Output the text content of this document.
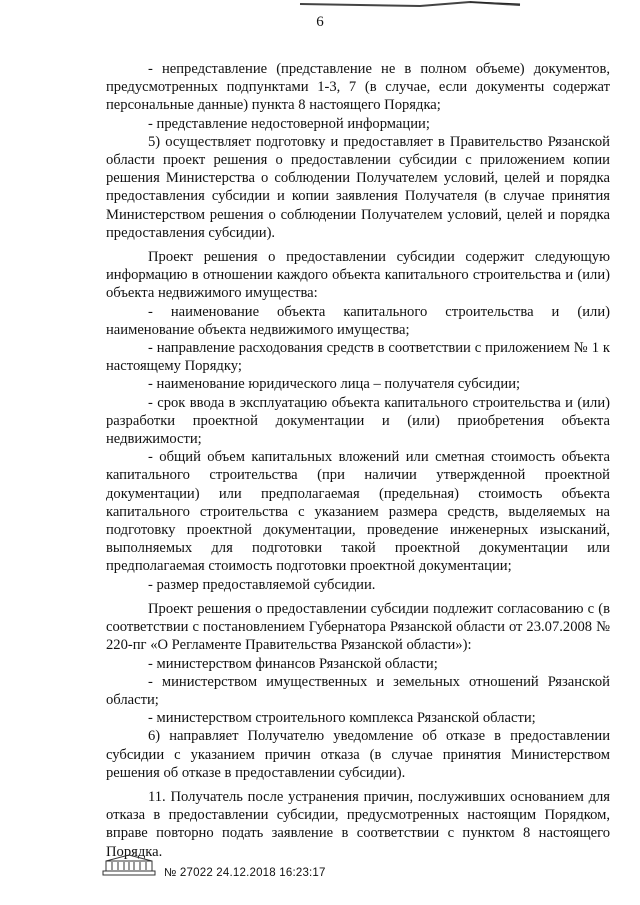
6

- непредставление (представление не в полном объеме) документов, предусмотренных подпунктами 1-3, 7 (в случае, если документы содержат персональные данные) пункта 8 настоящего Порядка;

- представление недостоверной информации;

5) осуществляет подготовку и предоставляет в Правительство Рязанской области проект решения о предоставлении субсидии с приложением копии решения Министерства о соблюдении Получателем условий, целей и порядка предоставления субсидии и копии заявления Получателя (в случае принятия Министерством решения о соблюдении Получателем условий, целей и порядка предоставления субсидии).

Проект решения о предоставлении субсидии содержит следующую информацию в отношении каждого объекта капитального строительства и (или) объекта недвижимого имущества:

- наименование объекта капитального строительства и (или) наименование объекта недвижимого имущества;

- направление расходования средств в соответствии с приложением № 1 к настоящему Порядку;

- наименование юридического лица – получателя субсидии;

- срок ввода в эксплуатацию объекта капитального строительства и (или) разработки проектной документации и (или) приобретения объекта недвижимости;

- общий объем капитальных вложений или сметная стоимость объекта капитального строительства (при наличии утвержденной проектной документации) или предполагаемая (предельная) стоимость объекта капитального строительства с указанием размера средств, выделяемых на подготовку проектной документации, проведение инженерных изысканий, выполняемых для подготовки такой проектной документации или предполагаемая стоимость подготовки проектной документации;

- размер предоставляемой субсидии.

Проект решения о предоставлении субсидии подлежит согласованию с (в соответствии с постановлением Губернатора Рязанской области от 23.07.2008 № 220-пг «О Регламенте Правительства Рязанской области»):

- министерством финансов Рязанской области;

- министерством имущественных и земельных отношений Рязанской области;

- министерством строительного комплекса Рязанской области;

6) направляет Получателю уведомление об отказе в предоставлении субсидии с указанием причин отказа (в случае принятия Министерством решения об отказе в предоставлении субсидии).

11. Получатель после устранения причин, послуживших основанием для отказа в предоставлении субсидии, предусмотренных настоящим Порядком, вправе повторно подать заявление в соответствии с пунктом 8 настоящего Порядка.

№ 27022 24.12.2018 16:23:17
